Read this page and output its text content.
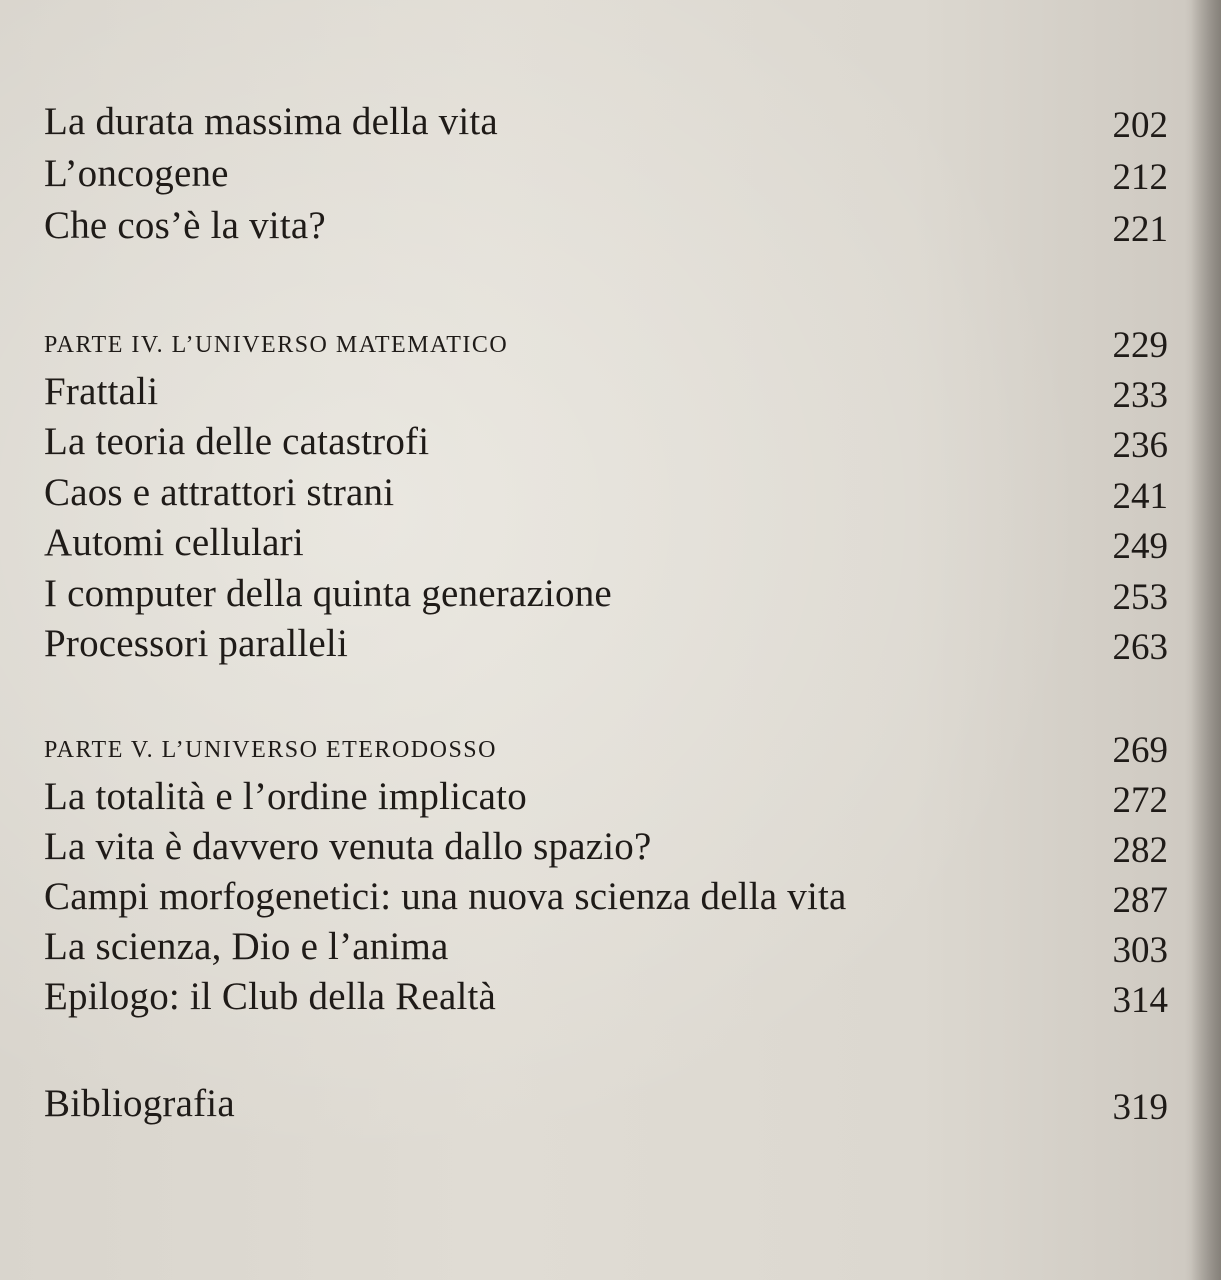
La durata massima della vita	202
L’oncogene	212
Che cos’è la vita?	221
PARTE IV. L’UNIVERSO MATEMATICO	229
Frattali	233
La teoria delle catastrofi	236
Caos e attrattori strani	241
Automi cellulari	249
I computer della quinta generazione	253
Processori paralleli	263
PARTE V. L’UNIVERSO ETERODOSSO	269
La totalità e l’ordine implicato	272
La vita è davvero venuta dallo spazio?	282
Campi morfogenetici: una nuova scienza della vita	287
La scienza, Dio e l’anima	303
Epilogo: il Club della Realtà	314
Bibliografia	319
